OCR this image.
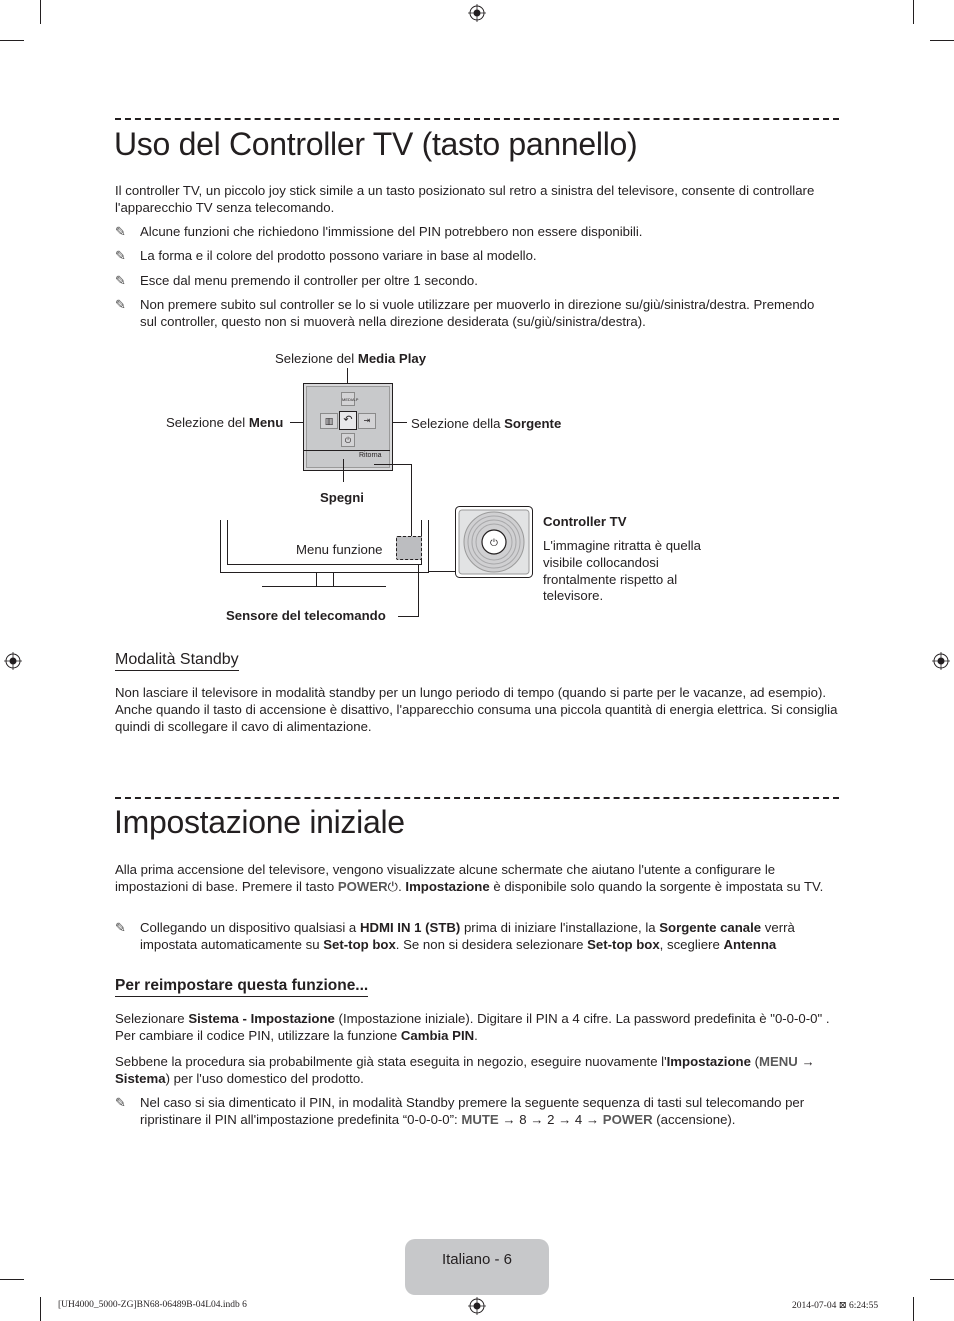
Uso del Controller TV (tasto pannello)

Il controller TV, un piccolo joy stick simile a un tasto posizionato sul retro a sinistra del televisore, consente di controllare l'apparecchio TV senza telecomando.

✎	Alcune funzioni che richiedono l'immissione del PIN potrebbero non essere disponibili.
✎	La forma e il colore del prodotto possono variare in base al modello.
✎	Esce dal menu premendo il controller per oltre 1 secondo.
✎	Non premere subito sul controller se lo si vuole utilizzare per muoverlo in direzione su/giù/sinistra/destra. Premendo sul controller, questo non si muoverà nella direzione desiderata (su/giù/sinistra/destra).
Selezione del Media Play
Selezione del Menu	Selezione della Sorgente
MEDIA.P
▥ ↶	⇥
⏻
Ritorna
Spegni
Menu funzione
Sensore del telecomando
⏻
Controller TV
L'immagine ritratta è quella visibile collocandosi frontalmente rispetto al televisore.
Modalità Standby

Non lasciare il televisore in modalità standby per un lungo periodo di tempo (quando si parte per le vacanze, ad esempio). Anche quando il tasto di accensione è disattivo, l'apparecchio consuma una piccola quantità di energia elettrica. Si consiglia quindi di scollegare il cavo di alimentazione.

Impostazione iniziale

Alla prima accensione del televisore, vengono visualizzate alcune schermate che aiutano l'utente a configurare le impostazioni di base. Premere il tasto POWER⏻. Impostazione è disponibile solo quando la sorgente è impostata su TV.

✎	Collegando un dispositivo qualsiasi a HDMI IN 1 (STB) prima di iniziare l'installazione, la Sorgente canale verrà impostata automaticamente su Set-top box. Se non si desidera selezionare Set-top box, scegliere Antenna
Per reimpostare questa funzione...

Selezionare Sistema - Impostazione (Impostazione iniziale). Digitare il PIN a 4 cifre. La password predefinita è "0-0-0-0" . Per cambiare il codice PIN, utilizzare la funzione Cambia PIN.

Sebbene la procedura sia probabilmente già stata eseguita in negozio, eseguire nuovamente l'Impostazione (MENU → Sistema) per l'uso domestico del prodotto.

✎	Nel caso si sia dimenticato il PIN, in modalità Standby premere la seguente sequenza di tasti sul telecomando per ripristinare il PIN all'impostazione predefinita “0-0-0-0”: MUTE → 8 → 2 → 4 → POWER (accensione).
Italiano - 6
[UH4000_5000-ZG]BN68-06489B-04L04.indb 6	2014-07-04 ⊠ 6:24:55
